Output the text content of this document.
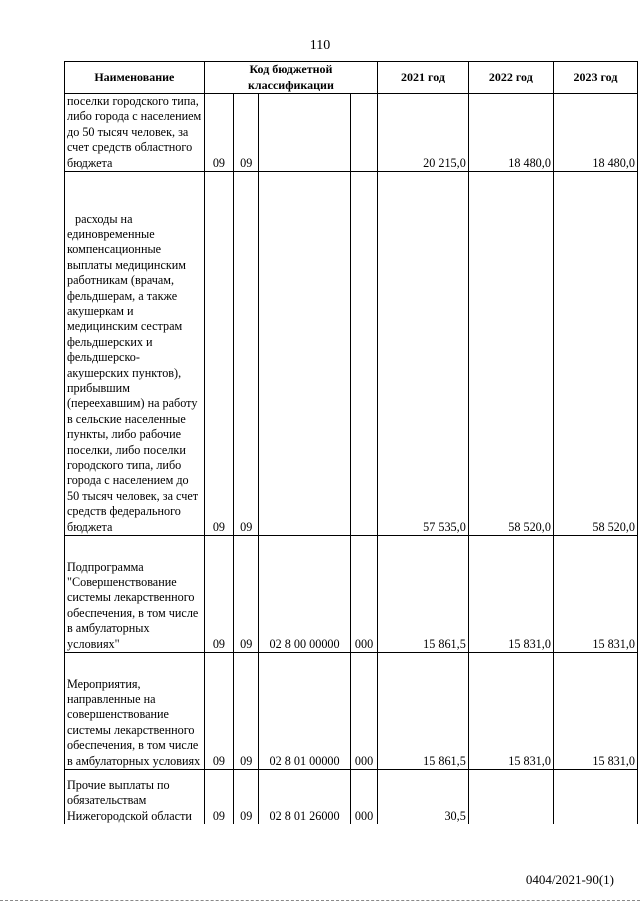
110
Наименование	Код бюджетной классификации				2021 год	2022 год	2023 год
поселки городского типа, либо города с населением до 50 тысяч человек, за счет средств областного бюджета	09	09			20 215,0	18 480,0	18 480,0
расходы на единовременные компенсационные выплаты медицинским работникам (врачам, фельдшерам, а также акушеркам и медицинским сестрам фельдшерских и фельдшерско-акушерских пунктов), прибывшим (переехавшим) на работу в сельские населенные пункты, либо рабочие поселки, либо поселки городского типа, либо города с населением до 50 тысяч человек, за счет средств федерального бюджета	09	09			57 535,0	58 520,0	58 520,0
Подпрограмма "Совершенствование системы лекарственного обеспечения, в том числе в амбулаторных условиях"	09	09	02 8 00 00000	000	15 861,5	15 831,0	15 831,0
Мероприятия, направленные на совершенствование системы лекарственного обеспечения, в том числе в амбулаторных условиях	09	09	02 8 01 00000	000	15 861,5	15 831,0	15 831,0
Прочие выплаты по обязательствам Нижегородской области	09	09	02 8 01 26000	000	30,5		
0404/2021-90(1)
